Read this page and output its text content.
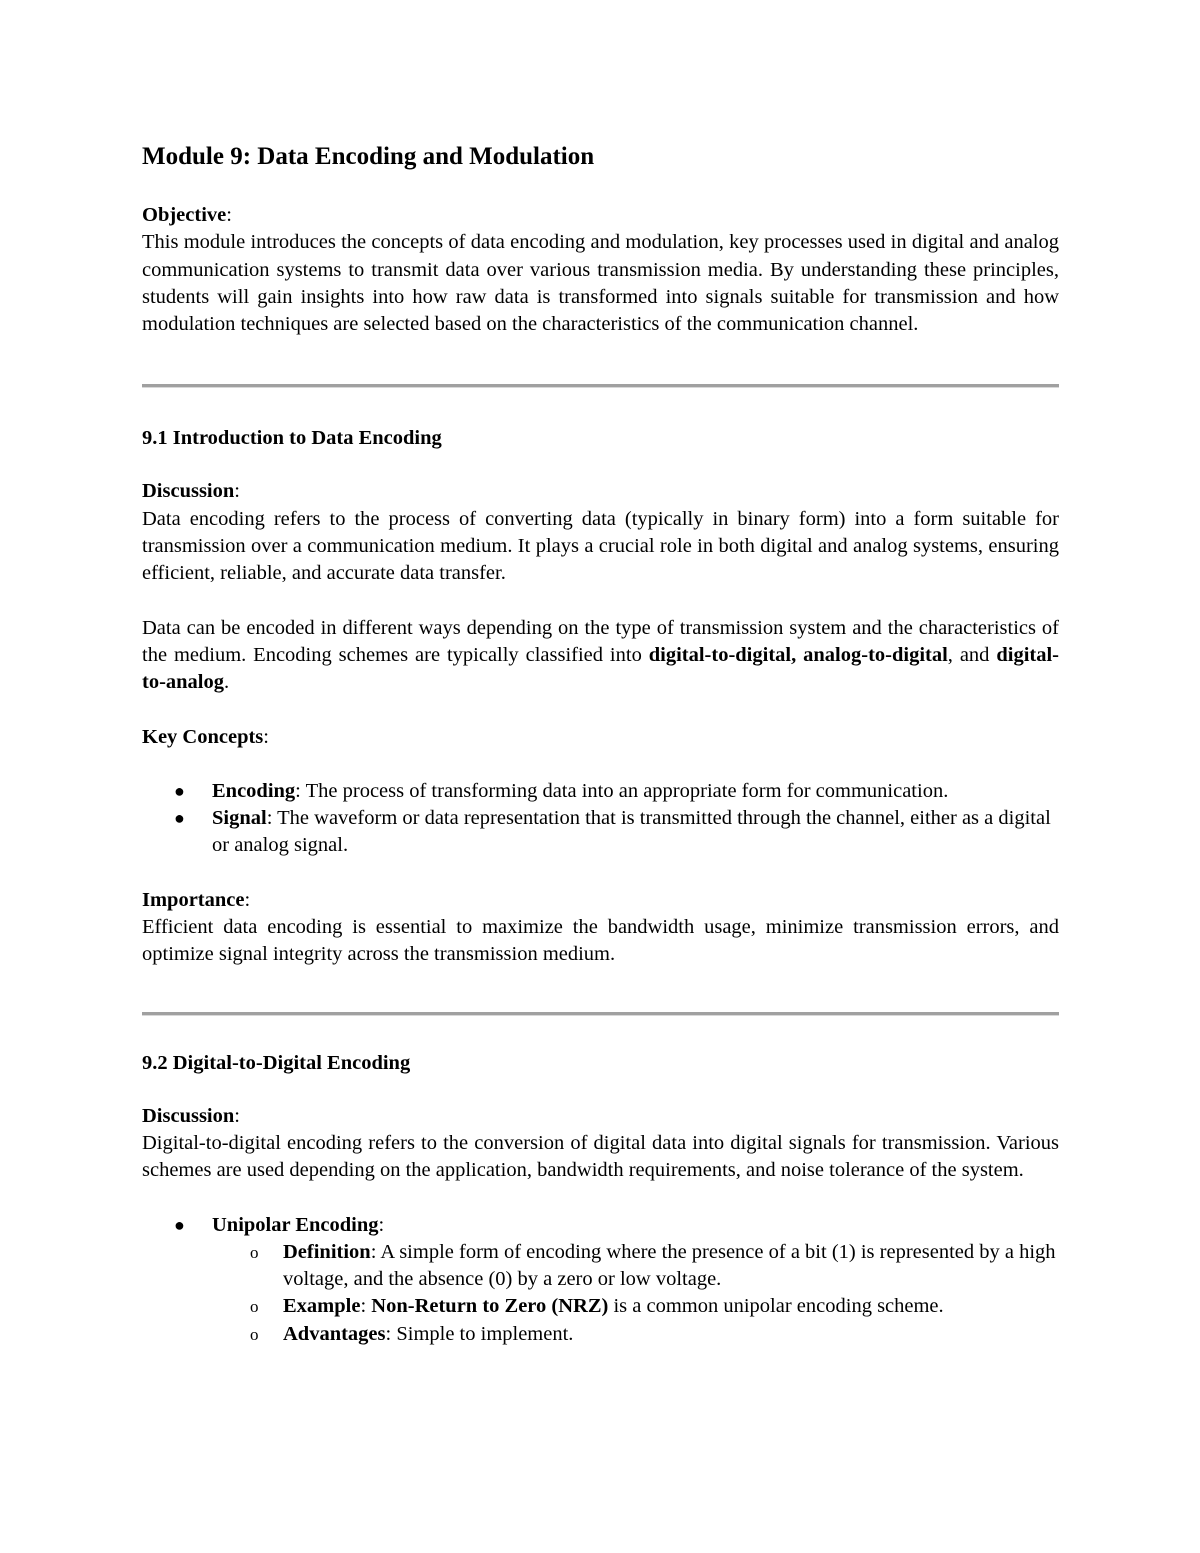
Module 9: Data Encoding and Modulation
Objective:

This module introduces the concepts of data encoding and modulation, key processes used in digital and analog communication systems to transmit data over various transmission media. By understanding these principles, students will gain insights into how raw data is transformed into signals suitable for transmission and how modulation techniques are selected based on the characteristics of the communication channel.

9.1 Introduction to Data Encoding
Discussion:

Data encoding refers to the process of converting data (typically in binary form) into a form suitable for transmission over a communication medium. It plays a crucial role in both digital and analog systems, ensuring efficient, reliable, and accurate data transfer.

Data can be encoded in different ways depending on the type of transmission system and the characteristics of the medium. Encoding schemes are typically classified into digital-to-digital, analog-to-digital, and digital-to-analog.

Key Concepts:
● Encoding: The process of transforming data into an appropriate form for communication.
● Signal: The waveform or data representation that is transmitted through the channel, either as a digital or analog signal.
Importance:

Efficient data encoding is essential to maximize the bandwidth usage, minimize transmission errors, and optimize signal integrity across the transmission medium.

9.2 Digital-to-Digital Encoding
Discussion:

Digital-to-digital encoding refers to the conversion of digital data into digital signals for transmission. Various schemes are used depending on the application, bandwidth requirements, and noise tolerance of the system.

● Unipolar Encoding:
o Definition: A simple form of encoding where the presence of a bit (1) is represented by a high voltage, and the absence (0) by a zero or low voltage.
o Example: Non-Return to Zero (NRZ) is a common unipolar encoding scheme.
o Advantages: Simple to implement.
